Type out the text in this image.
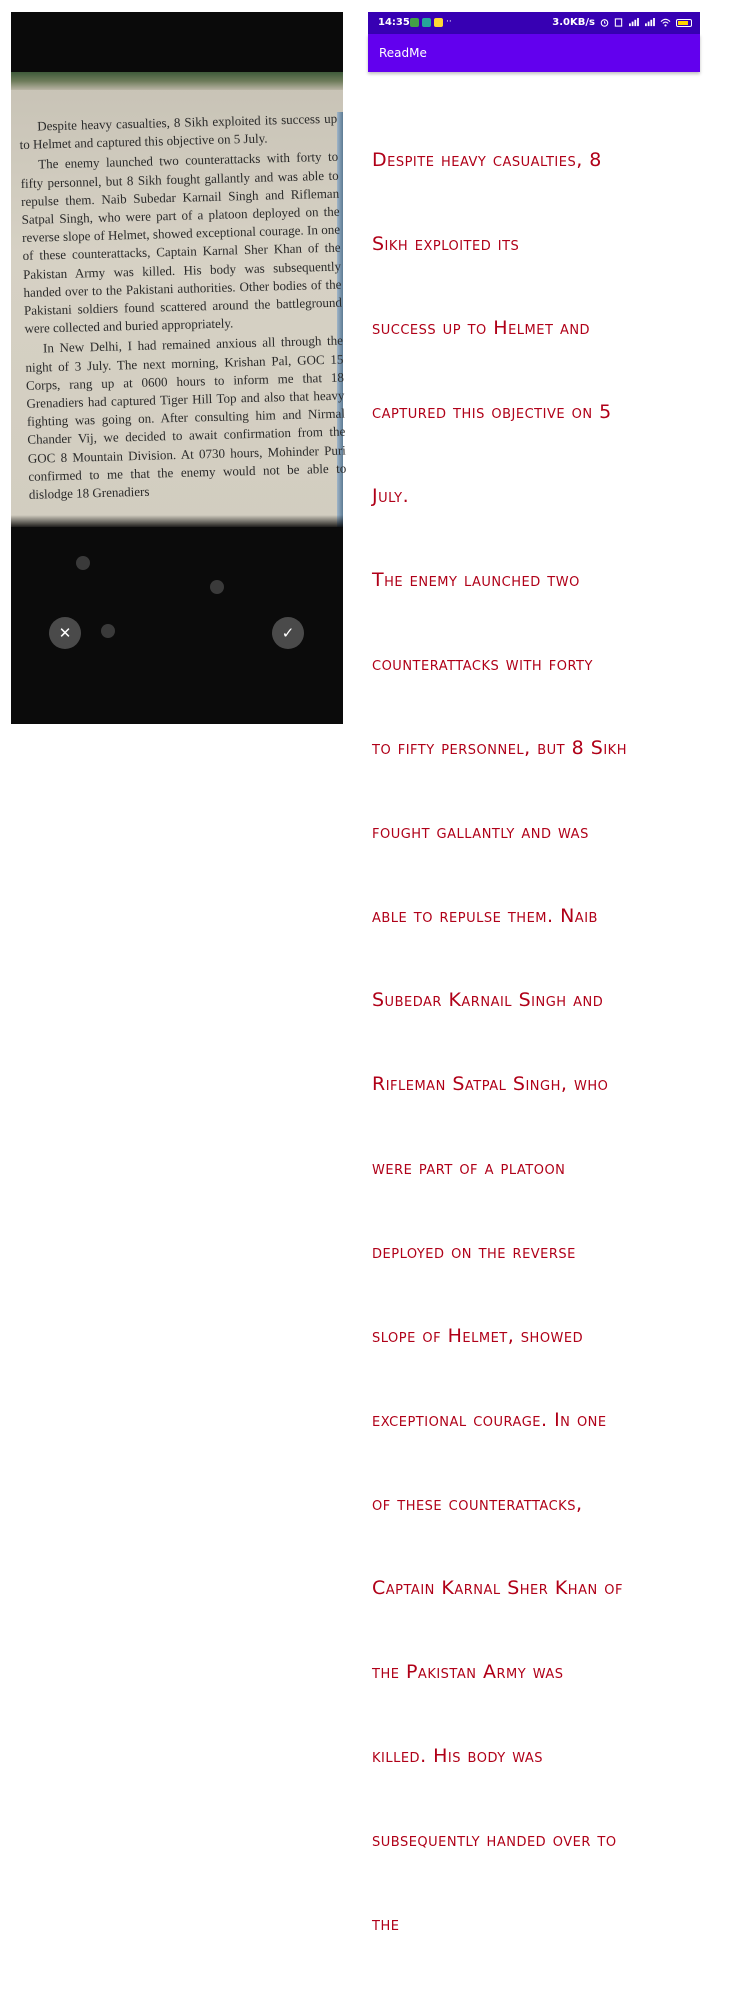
Despite heavy casualties, 8 Sikh exploited its success up to Helmet and captured this objective on 5 July.

The enemy launched two counterattacks with forty to fifty personnel, but 8 Sikh fought gallantly and was able to repulse them. Naib Subedar Karnail Singh and Rifleman Satpal Singh, who were part of a platoon deployed on the reverse slope of Helmet, showed exceptional courage. In one of these counterattacks, Captain Karnal Sher Khan of the Pakistan Army was killed. His body was subsequently handed over to the Pakistani authorities. Other bodies of the Pakistani soldiers found scattered around the battleground were collected and buried appropriately.

In New Delhi, I had remained anxious all through the night of 3 July. The next morning, Krishan Pal, GOC 15 Corps, rang up at 0600 hours to inform me that 18 Grenadiers had captured Tiger Hill Top and also that heavy fighting was going on. After consulting him and Nirmal Chander Vij, we decided to await confirmation from the GOC 8 Mountain Division. At 0730 hours, Mohinder Puri confirmed to me that the enemy would not be able to dislodge 18 Grenadiers

✕	✓
14:35	··	3.0KB/s
ReadMe

Despite heavy casualties, 8

Sikh exploited its

success up to Helmet and

captured this objective on 5

July.

The enemy launched two

counterattacks with forty

to fifty personnel, but 8 Sikh

fought gallantly and was

able to repulse them. Naib

Subedar Karnail Singh and

Rifleman Satpal Singh, who

were part of a platoon

deployed on the reverse

slope of Helmet, showed

exceptional courage. In one

of these counterattacks,

Captain Karnal Sher Khan of

the Pakistan Army was

killed. His body was

subsequently handed over to

the
